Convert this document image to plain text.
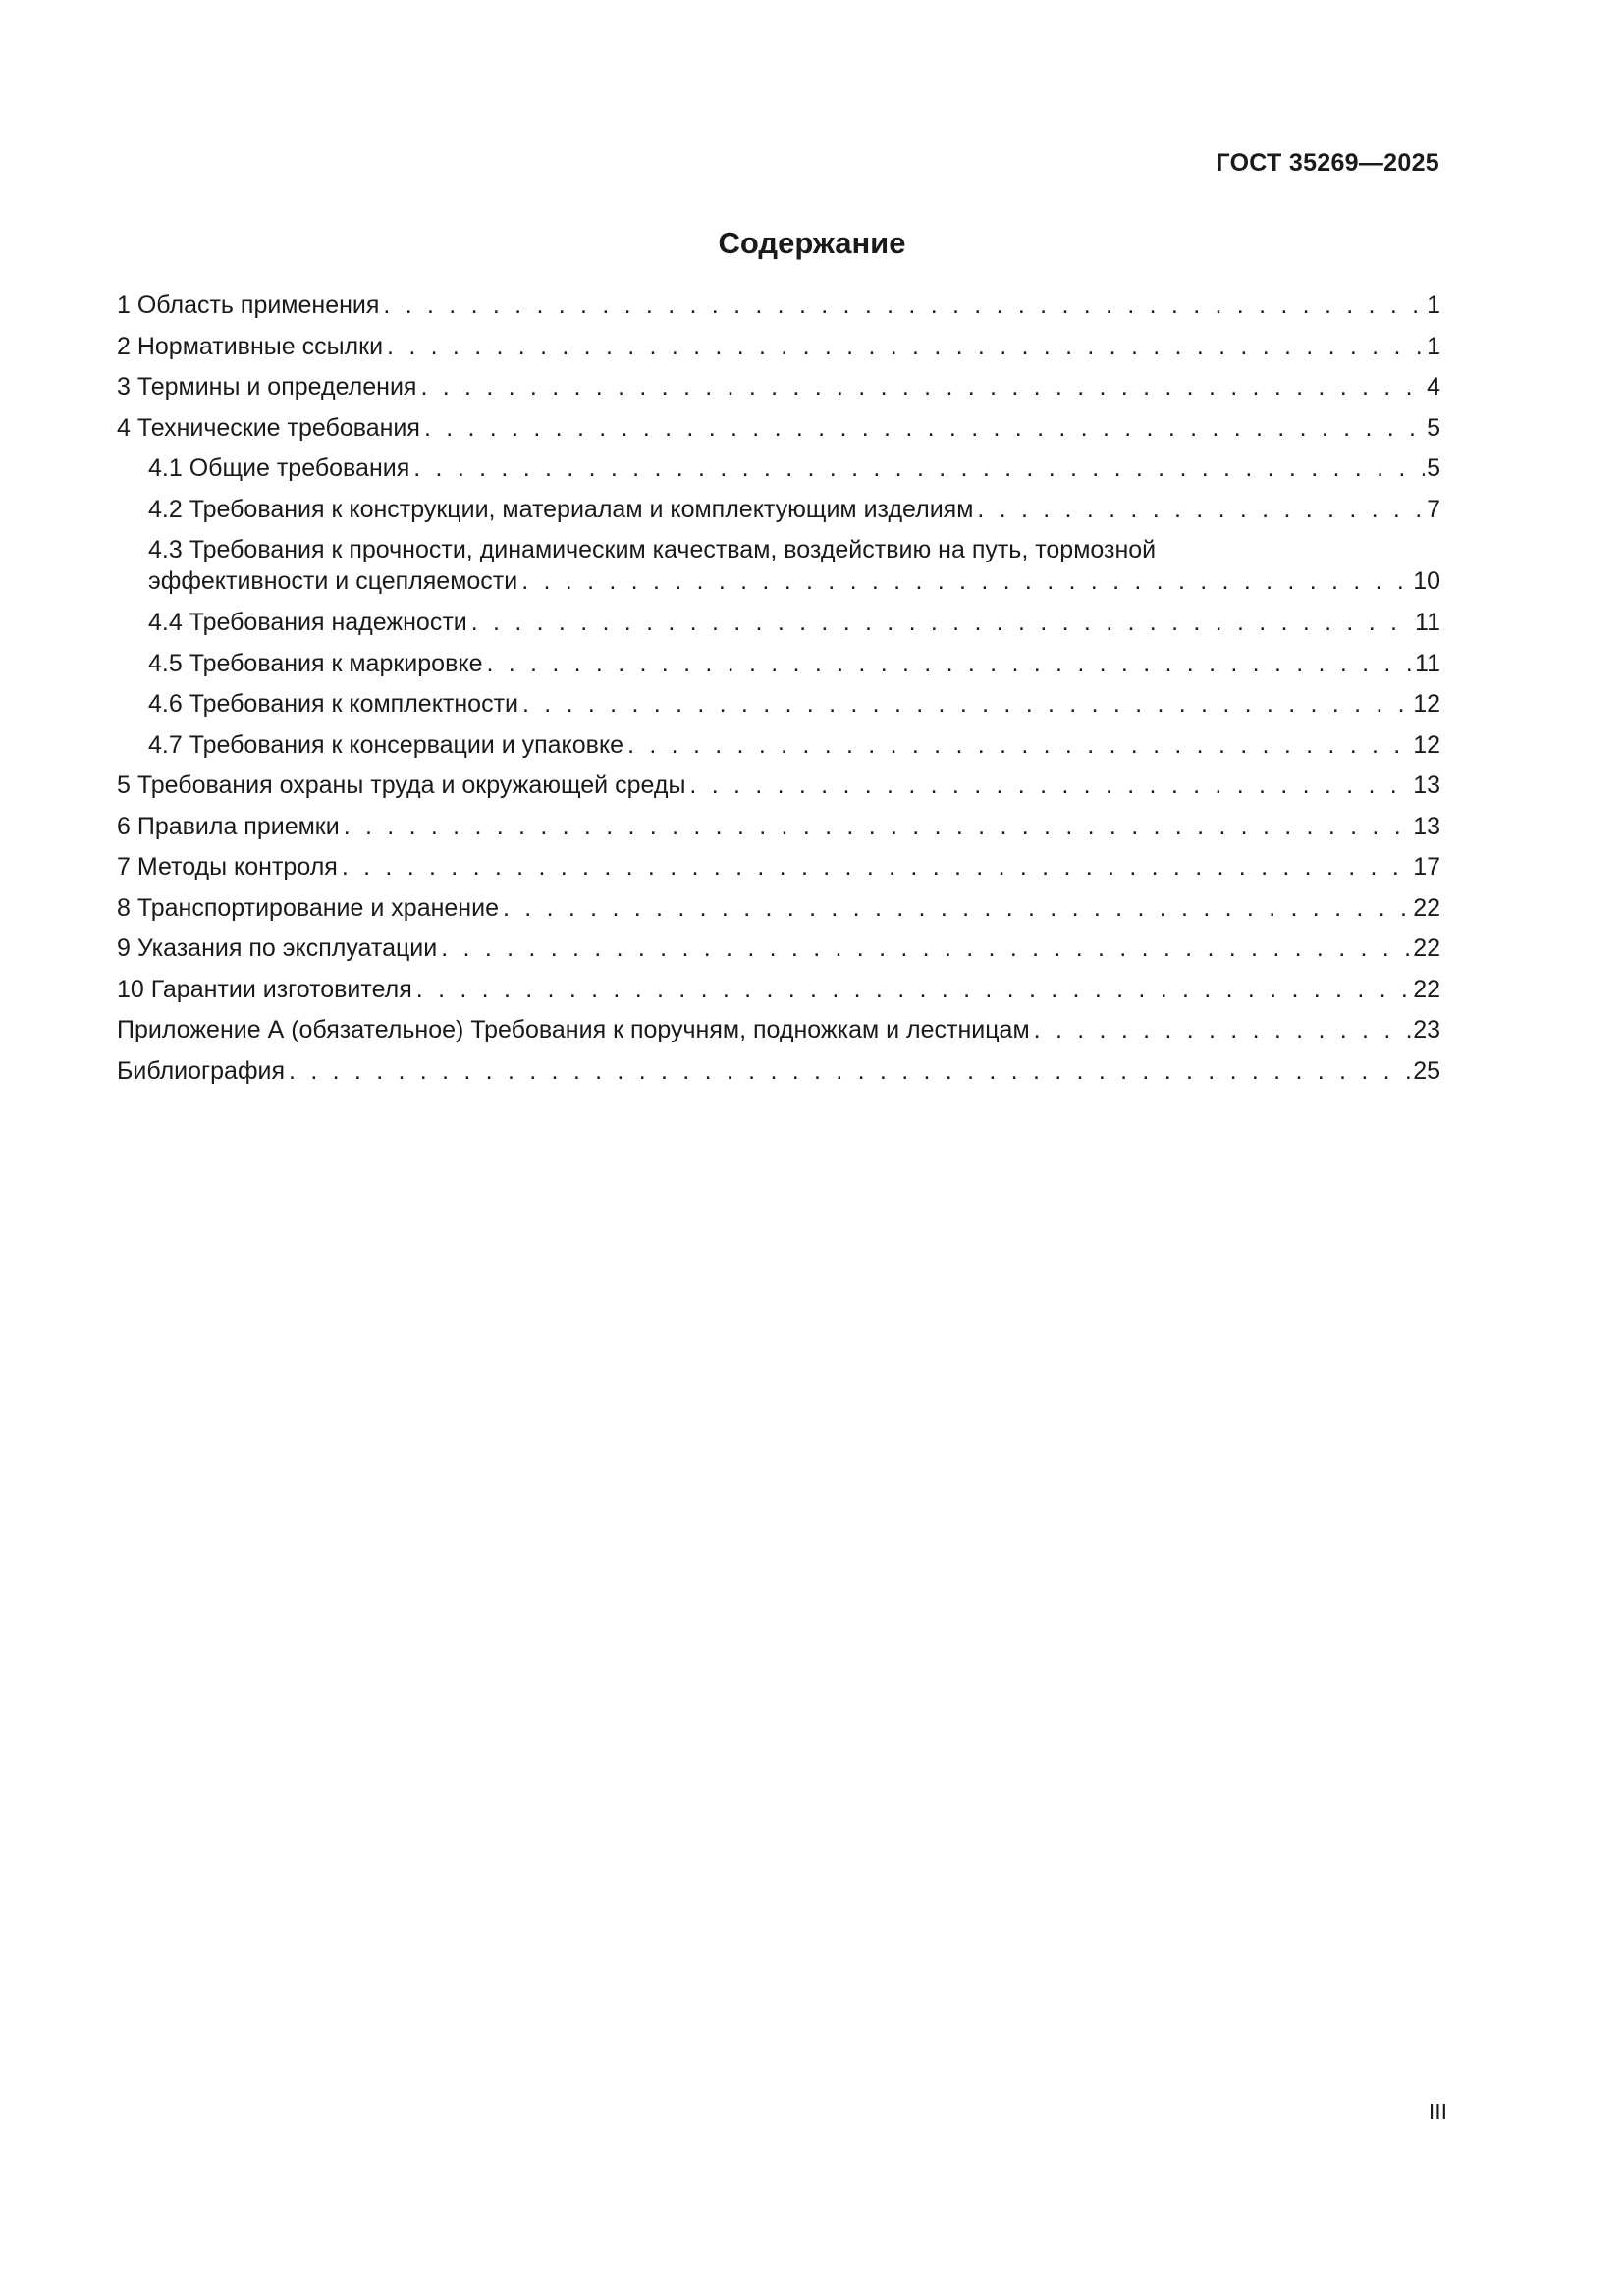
ГОСТ 35269—2025
Содержание
1 Область применения . . .	1
2 Нормативные ссылки . . .	1
3 Термины и определения . . .	4
4 Технические требования . . .	5
4.1 Общие требования . . .	5
4.2 Требования к конструкции, материалам и комплектующим изделиям . . .	7
4.3 Требования к прочности, динамическим качествам, воздействию на путь, тормозной
эффективности и сцепляемости . . .	10
4.4 Требования надежности . . .	11
4.5 Требования к маркировке . . .	11
4.6 Требования к комплектности . . .	12
4.7 Требования к консервации и упаковке . . .	12
5 Требования охраны труда и окружающей среды . . .	13
6 Правила приемки . . .	13
7 Методы контроля . . .	17
8 Транспортирование и хранение . . .	22
9 Указания по эксплуатации . . .	22
10 Гарантии изготовителя . . .	22
Приложение А (обязательное) Требования к поручням, подножкам и лестницам . . .	23
Библиография . . .	25
III
